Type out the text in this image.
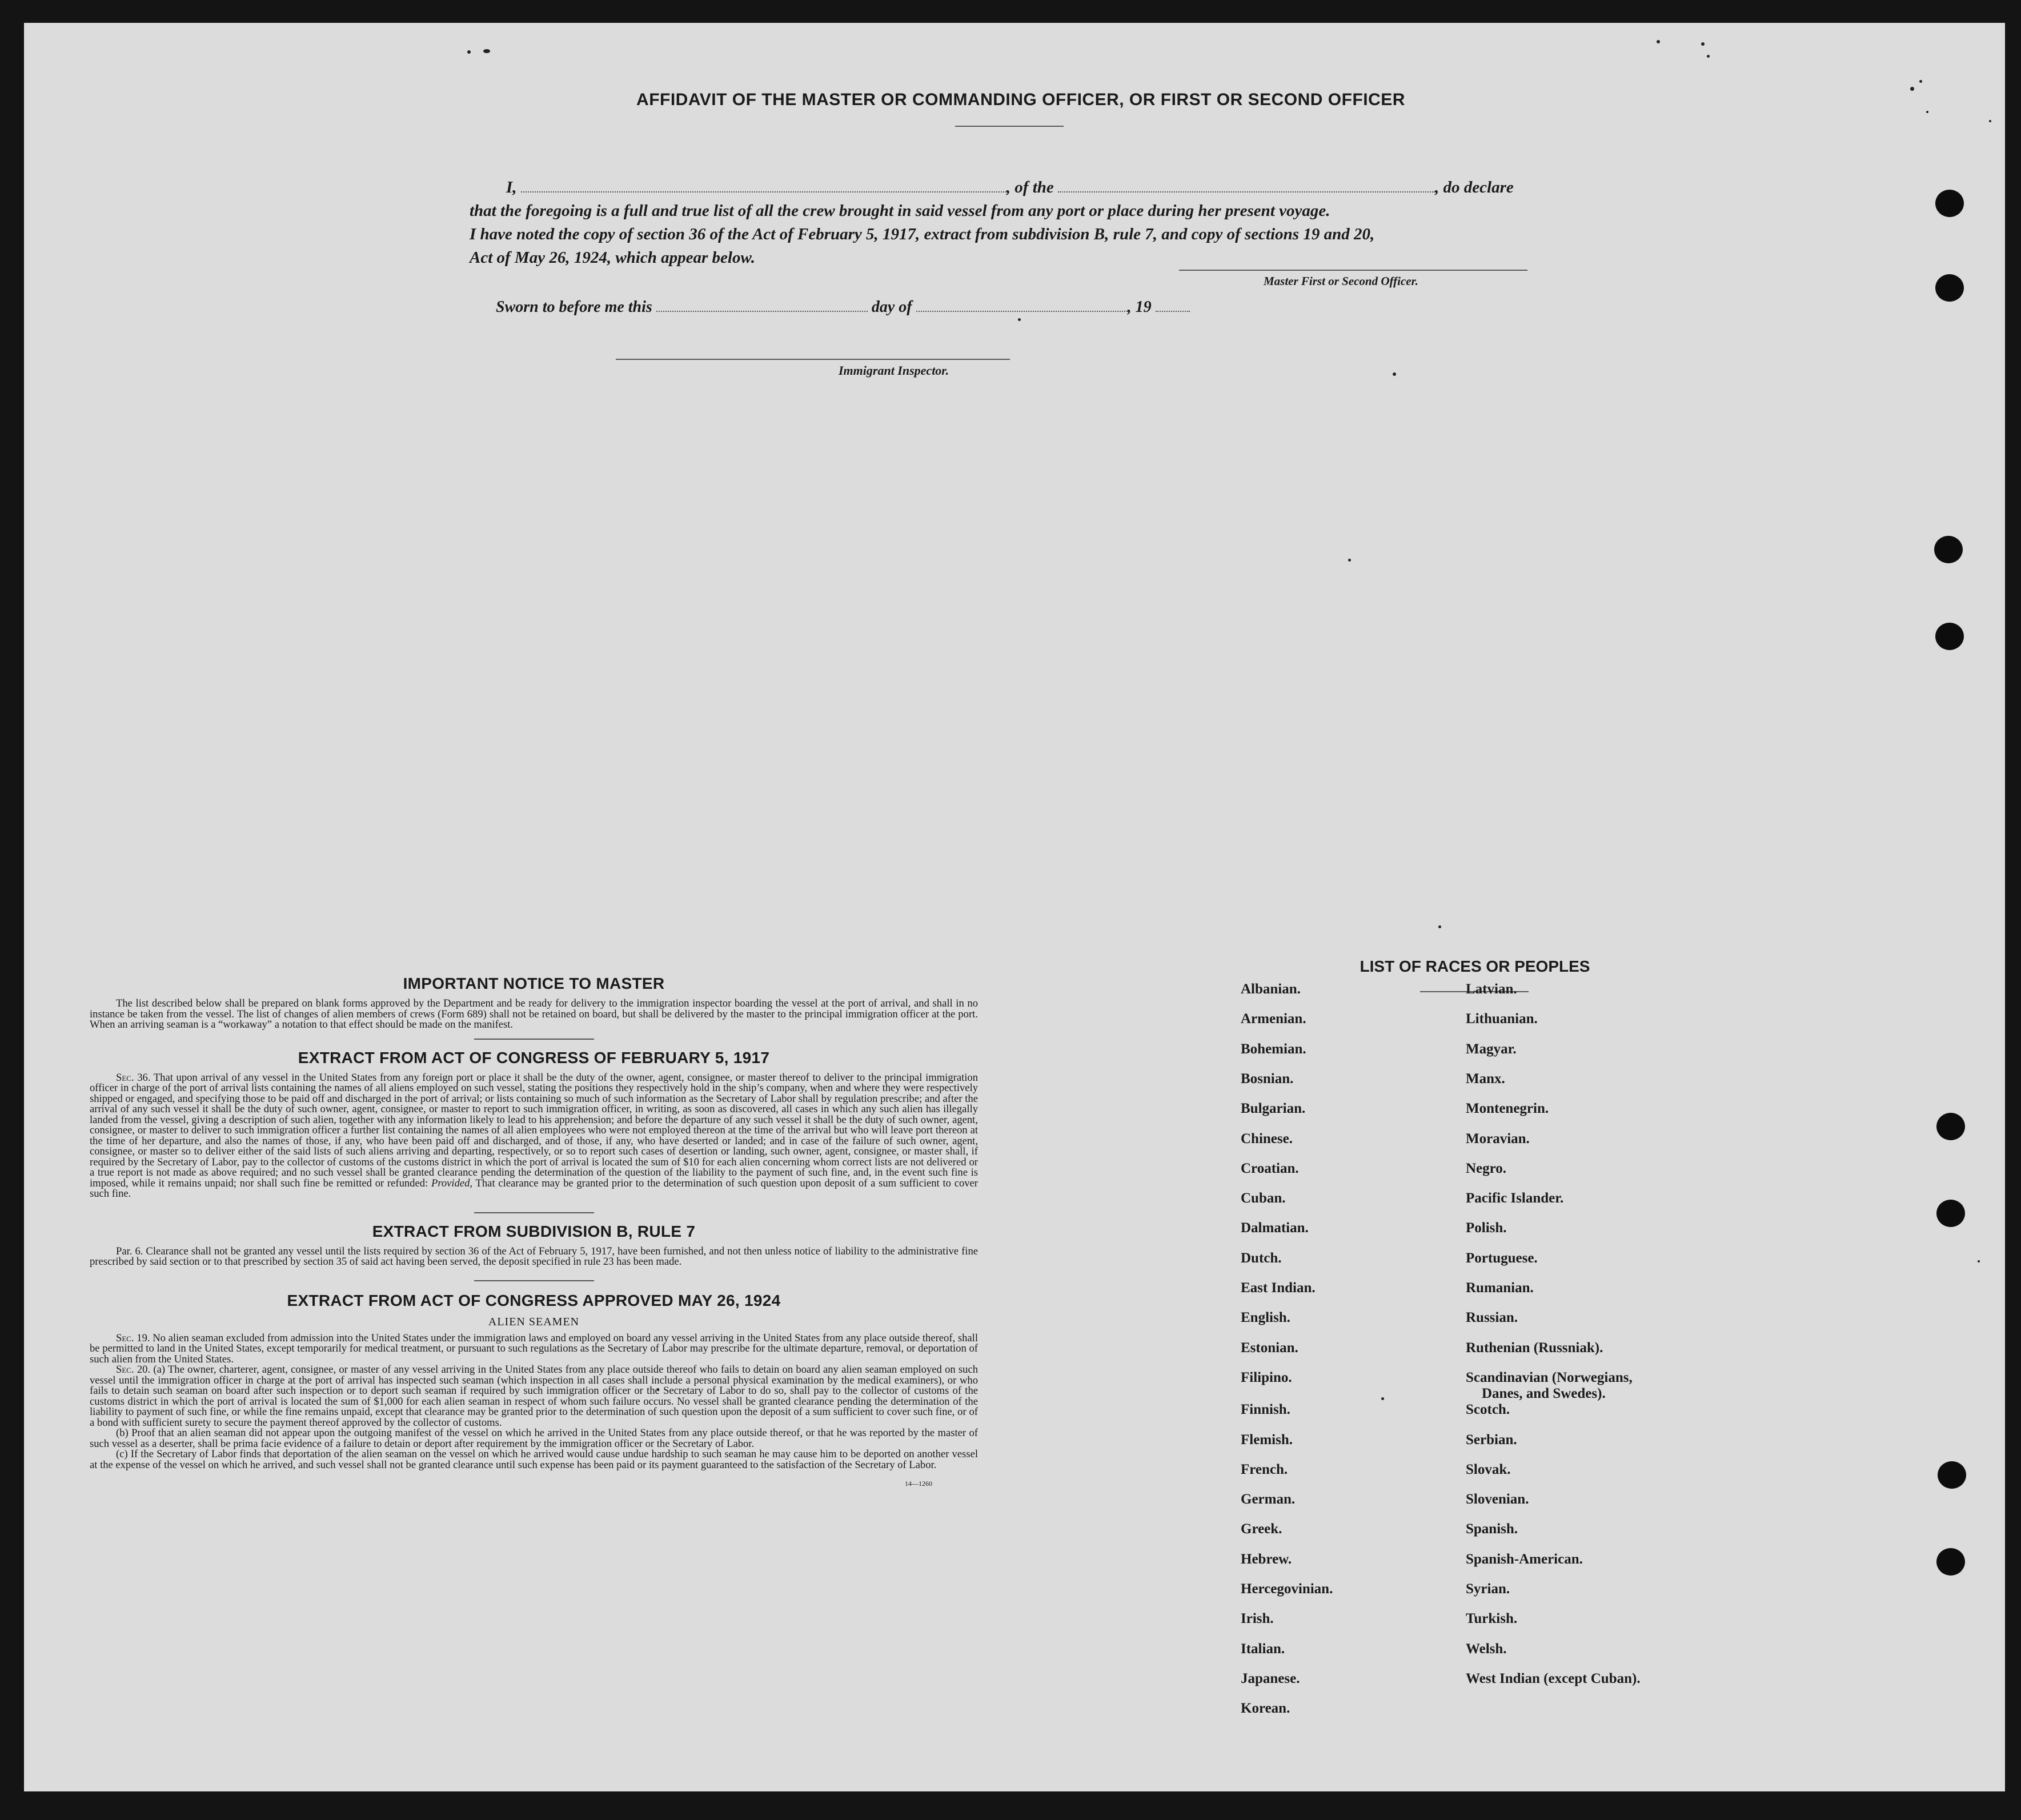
AFFIDAVIT OF THE MASTER OR COMMANDING OFFICER, OR FIRST OR SECOND OFFICER
I,	, of the	, do declare
that the foregoing is a full and true list of all the crew brought in said vessel from any port or place during her present voyage.
I have noted the copy of section 36 of the Act of February 5, 1917, extract from subdivision B, rule 7, and copy of sections 19 and 20,
Act of May 26, 1924, which appear below.
Master First or Second Officer.
Sworn to before me this	day of	, 19
Immigrant Inspector.

IMPORTANT NOTICE TO MASTER

The list described below shall be prepared on blank forms approved by the Department and be ready for delivery to the immigration inspector boarding the vessel at the port of arrival, and shall in no instance be taken from the vessel. The list of changes of alien members of crews (Form 689) shall not be retained on board, but shall be delivered by the master to the principal immigration officer at the port. When an arriving seaman is a “workaway” a notation to that effect should be made on the manifest.

EXTRACT FROM ACT OF CONGRESS OF FEBRUARY 5, 1917

Sec. 36. That upon arrival of any vessel in the United States from any foreign port or place it shall be the duty of the owner, agent, consignee, or master thereof to deliver to the principal immigration officer in charge of the port of arrival lists containing the names of all aliens employed on such vessel, stating the positions they respectively hold in the ship’s company, when and where they were respectively shipped or engaged, and specifying those to be paid off and discharged in the port of arrival; or lists containing so much of such information as the Secretary of Labor shall by regulation prescribe; and after the arrival of any such vessel it shall be the duty of such owner, agent, consignee, or master to report to such immigration officer, in writing, as soon as discovered, all cases in which any such alien has illegally landed from the vessel, giving a description of such alien, together with any information likely to lead to his apprehension; and before the departure of any such vessel it shall be the duty of such owner, agent, consignee, or master to deliver to such immigration officer a further list containing the names of all alien employees who were not employed thereon at the time of the arrival but who will leave port thereon at the time of her departure, and also the names of those, if any, who have been paid off and discharged, and of those, if any, who have deserted or landed; and in case of the failure of such owner, agent, consignee, or master so to deliver either of the said lists of such aliens arriving and departing, respectively, or so to report such cases of desertion or landing, such owner, agent, consignee, or master shall, if required by the Secretary of Labor, pay to the collector of customs of the customs district in which the port of arrival is located the sum of $10 for each alien concerning whom correct lists are not delivered or a true report is not made as above required; and no such vessel shall be granted clearance pending the determination of the question of the liability to the payment of such fine, and, in the event such fine is imposed, while it remains unpaid; nor shall such fine be remitted or refunded: Provided, That clearance may be granted prior to the determination of such question upon deposit of a sum sufficient to cover such fine.

EXTRACT FROM SUBDIVISION B, RULE 7

Par. 6. Clearance shall not be granted any vessel until the lists required by section 36 of the Act of February 5, 1917, have been furnished, and not then unless notice of liability to the administrative fine prescribed by said section or to that prescribed by section 35 of said act having been served, the deposit specified in rule 23 has been made.

EXTRACT FROM ACT OF CONGRESS APPROVED MAY 26, 1924

ALIEN SEAMEN

Sec. 19. No alien seaman excluded from admission into the United States under the immigration laws and employed on board any vessel arriving in the United States from any place outside thereof, shall be permitted to land in the United States, except temporarily for medical treatment, or pursuant to such regulations as the Secretary of Labor may prescribe for the ultimate departure, removal, or deportation of such alien from the United States.

Sec. 20. (a) The owner, charterer, agent, consignee, or master of any vessel arriving in the United States from any place outside thereof who fails to detain on board any alien seaman employed on such vessel until the immigration officer in charge at the port of arrival has inspected such seaman (which inspection in all cases shall include a personal physical examination by the medical examiners), or who fails to detain such seaman on board after such inspection or to deport such seaman if required by such immigration officer or the Secretary of Labor to do so, shall pay to the collector of customs of the customs district in which the port of arrival is located the sum of $1,000 for each alien seaman in respect of whom such failure occurs. No vessel shall be granted clearance pending the determination of the liability to payment of such fine, or while the fine remains unpaid, except that clearance may be granted prior to the determination of such question upon the deposit of a sum sufficient to cover such fine, or of a bond with sufficient surety to secure the payment thereof approved by the collector of customs.

(b) Proof that an alien seaman did not appear upon the outgoing manifest of the vessel on which he arrived in the United States from any place outside thereof, or that he was reported by the master of such vessel as a deserter, shall be prima facie evidence of a failure to detain or deport after requirement by the immigration officer or the Secretary of Labor.

(c) If the Secretary of Labor finds that deportation of the alien seaman on the vessel on which he arrived would cause undue hardship to such seaman he may cause him to be deported on another vessel at the expense of the vessel on which he arrived, and such vessel shall not be granted clearance until such expense has been paid or its payment guaranteed to the satisfaction of the Secretary of Labor.

14—1260
LIST OF RACES OR PEOPLES
Albanian.
Armenian.
Bohemian.
Bosnian.
Bulgarian.
Chinese.
Croatian.
Cuban.
Dalmatian.
Dutch.
East Indian.
English.
Estonian.
Filipino.
Finnish.
Flemish.
French.
German.
Greek.
Hebrew.
Hercegovinian.
Irish.
Italian.
Japanese.
Korean.
Latvian.
Lithuanian.
Magyar.
Manx.
Montenegrin.
Moravian.
Negro.
Pacific Islander.
Polish.
Portuguese.
Rumanian.
Russian.
Ruthenian (Russniak).
Scandinavian (Norwegians,
Danes, and Swedes).
Scotch.
Serbian.
Slovak.
Slovenian.
Spanish.
Spanish-American.
Syrian.
Turkish.
Welsh.
West Indian (except Cuban).
